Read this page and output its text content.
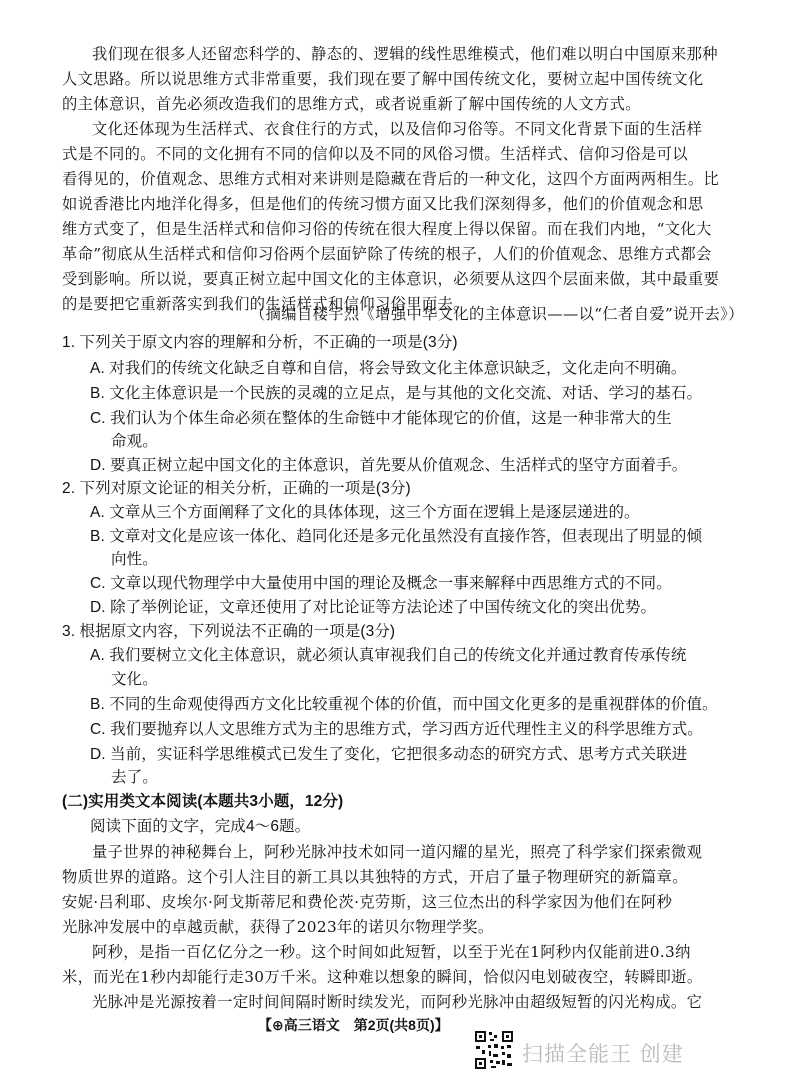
我们现在很多人还留恋科学的、静态的、逻辑的线性思维模式，他们难以明白中国原来那种
人文思路。所以说思维方式非常重要，我们现在要了解中国传统文化，要树立起中国传统文化
的主体意识，首先必须改造我们的思维方式，或者说重新了解中国传统的人文方式。
文化还体现为生活样式、衣食住行的方式，以及信仰习俗等。不同文化背景下面的生活样
式是不同的。不同的文化拥有不同的信仰以及不同的风俗习惯。生活样式、信仰习俗是可以
看得见的，价值观念、思维方式相对来讲则是隐藏在背后的一种文化，这四个方面两两相生。比
如说香港比内地洋化得多，但是他们的传统习惯方面又比我们深刻得多，他们的价值观念和思
维方式变了，但是生活样式和信仰习俗的传统在很大程度上得以保留。而在我们内地，“文化大
革命”彻底从生活样式和信仰习俗两个层面铲除了传统的根子，人们的价值观念、思维方式都会
受到影响。所以说，要真正树立起中国文化的主体意识，必须要从这四个层面来做，其中最重要
的是要把它重新落实到我们的生活样式和信仰习俗里面去。
（摘编自楼宇烈《增强中华文化的主体意识——以“仁者自爱”说开去》）
1. 下列关于原文内容的理解和分析，不正确的一项是(3分)
A. 对我们的传统文化缺乏自尊和自信，将会导致文化主体意识缺乏，文化走向不明确。
B. 文化主体意识是一个民族的灵魂的立足点，是与其他的文化交流、对话、学习的基石。
C. 我们认为个体生命必须在整体的生命链中才能体现它的价值，这是一种非常大的生
命观。
D. 要真正树立起中国文化的主体意识，首先要从价值观念、生活样式的坚守方面着手。
2. 下列对原文论证的相关分析，正确的一项是(3分)
A. 文章从三个方面阐释了文化的具体体现，这三个方面在逻辑上是逐层递进的。
B. 文章对文化是应该一体化、趋同化还是多元化虽然没有直接作答，但表现出了明显的倾
向性。
C. 文章以现代物理学中大量使用中国的理论及概念一事来解释中西思维方式的不同。
D. 除了举例论证，文章还使用了对比论证等方法论述了中国传统文化的突出优势。
3. 根据原文内容，下列说法不正确的一项是(3分)
A. 我们要树立文化主体意识，就必须认真审视我们自己的传统文化并通过教育传承传统
文化。
B. 不同的生命观使得西方文化比较重视个体的价值，而中国文化更多的是重视群体的价值。
C. 我们要抛弃以人文思维方式为主的思维方式，学习西方近代理性主义的科学思维方式。
D. 当前，实证科学思维模式已发生了变化，它把很多动态的研究方式、思考方式关联进
去了。
(二)实用类文本阅读(本题共3小题，12分)
阅读下面的文字，完成4～6题。
量子世界的神秘舞台上，阿秒光脉冲技术如同一道闪耀的星光，照亮了科学家们探索微观
物质世界的道路。这个引人注目的新工具以其独特的方式，开启了量子物理研究的新篇章。
安妮·吕利耶、皮埃尔·阿戈斯蒂尼和费伦茨·克劳斯，这三位杰出的科学家因为他们在阿秒
光脉冲发展中的卓越贡献，获得了2023年的诺贝尔物理学奖。
阿秒，是指一百亿亿分之一秒。这个时间如此短暂，以至于光在1阿秒内仅能前进0.3纳
米，而光在1秒内却能行走30万千米。这种难以想象的瞬间，恰似闪电划破夜空，转瞬即逝。
光脉冲是光源按着一定时间间隔时断时续发光，而阿秒光脉冲由超级短暂的闪光构成。它
【⊕高三语文　第2页(共8页)】
扫描全能王 创建
